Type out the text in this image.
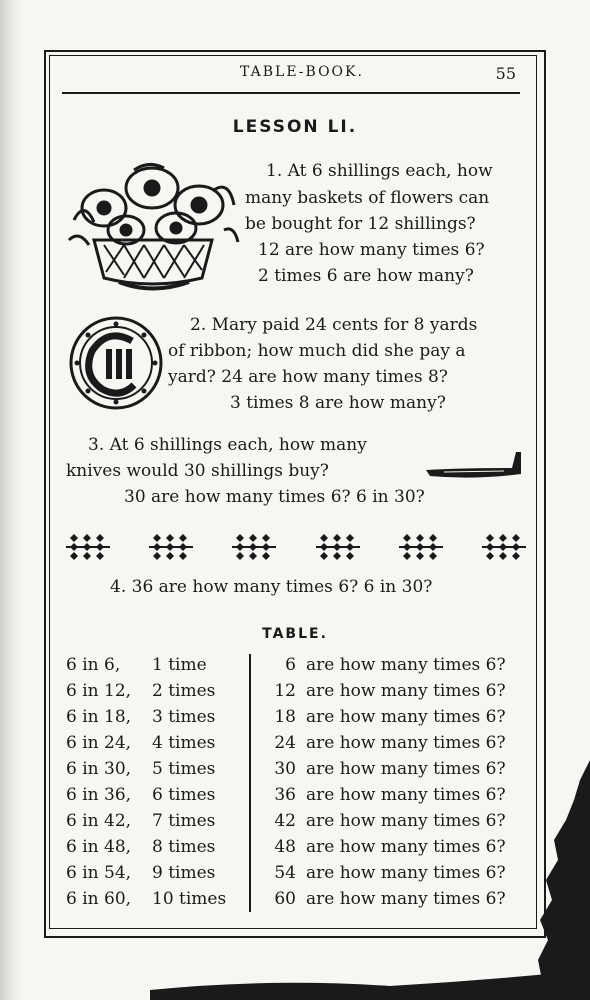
TABLE-BOOK.	55
LESSON LI.
1. At 6 shillings each, how
many baskets of flowers can
be bought for 12 shillings?
12 are how many times 6?
2 times 6 are how many?
2. Mary paid 24 cents for 8 yards
of ribbon; how much did she pay a
yard? 24 are how many times 8?
3 times 8 are how many?
3. At 6 shillings each, how many
knives would 30 shillings buy?
30 are how many times 6? 6 in 30?
4. 36 are how many times 6? 6 in 30?
TABLE.
6 in 6, 1 time	6 are how many times 6?
6 in 12, 2 times	12 are how many times 6?
6 in 18, 3 times	18 are how many times 6?
6 in 24, 4 times	24 are how many times 6?
6 in 30, 5 times	30 are how many times 6?
6 in 36, 6 times	36 are how many times 6?
6 in 42, 7 times	42 are how many times 6?
6 in 48, 8 times	48 are how many times 6?
6 in 54, 9 times	54 are how many times 6?
6 in 60, 10 times	60 are how many times 6?
